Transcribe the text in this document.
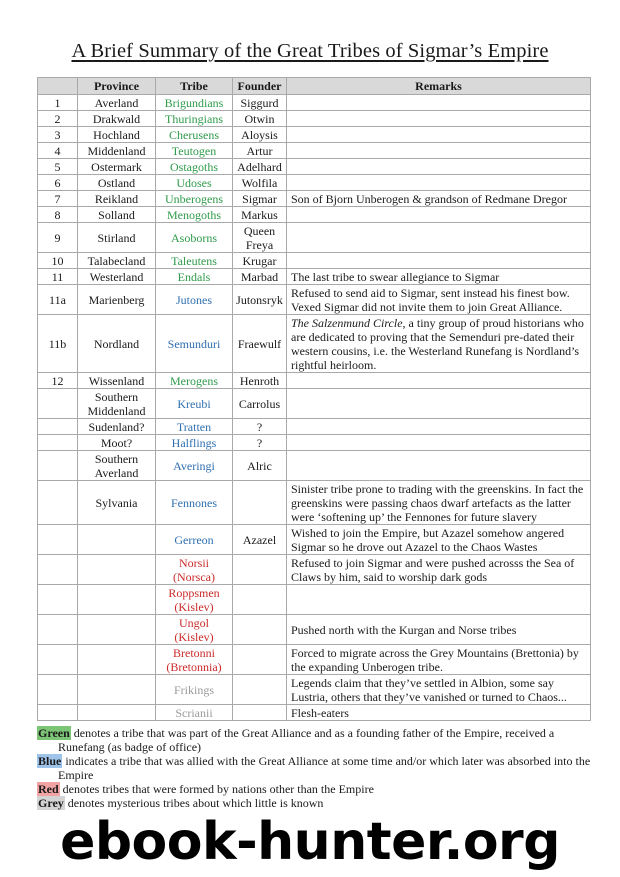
A Brief Summary of the Great Tribes of Sigmar’s Empire
	Province	Tribe	Founder	Remarks
1	Averland	Brigundians	Siggurd	
2	Drakwald	Thuringians	Otwin	
3	Hochland	Cherusens	Aloysis	
4	Middenland	Teutogen	Artur	
5	Ostermark	Ostagoths	Adelhard	
6	Ostland	Udoses	Wolfila	
7	Reikland	Unberogens	Sigmar	Son of Bjorn Unberogen & grandson of Redmane Dregor
8	Solland	Menogoths	Markus	
9	Stirland	Asoborns	Queen Freya	
10	Talabecland	Taleutens	Krugar	
11	Westerland	Endals	Marbad	The last tribe to swear allegiance to Sigmar
11a	Marienberg	Jutones	Jutonsryk	Refused to send aid to Sigmar, sent instead his finest bow. Vexed Sigmar did not invite them to join Great Alliance.
11b	Nordland	Semunduri	Fraewulf	The Salzenmund Circle, a tiny group of proud historians who are dedicated to proving that the Semenduri pre-dated their western cousins, i.e. the Westerland Runefang is Nordland’s rightful heirloom.
12	Wissenland	Merogens	Henroth	
	Southern Middenland	Kreubi	Carrolus	
	Sudenland?	Tratten	?	
	Moot?	Halflings	?	
	Southern Averland	Averingi	Alric	
	Sylvania	Fennones		Sinister tribe prone to trading with the greenskins. In fact the greenskins were passing chaos dwarf artefacts as the latter were ‘softening up’ the Fennones for future slavery
		Gerreon	Azazel	Wished to join the Empire, but Azazel somehow angered Sigmar so he drove out Azazel to the Chaos Wastes
		Norsii (Norsca)		Refused to join Sigmar and were pushed acrosss the Sea of Claws by him, said to worship dark gods
		Roppsmen (Kislev)		
		Ungol (Kislev)		Pushed north with the Kurgan and Norse tribes
		Bretonni (Bretonnia)		Forced to migrate across the Grey Mountains (Brettonia) by the expanding Unberogen tribe.
		Frikings		Legends claim that they’ve settled in Albion, some say Lustria, others that they’ve vanished or turned to Chaos...
		Scrianii		Flesh-eaters

Green denotes a tribe that was part of the Great Alliance and as a founding father of the Empire, received a Runefang (as badge of office)

Blue indicates a tribe that was allied with the Great Alliance at some time and/or which later was absorbed into the Empire

Red denotes tribes that were formed by nations other than the Empire

Grey denotes mysterious tribes about which little is known

ebook-hunter.org
